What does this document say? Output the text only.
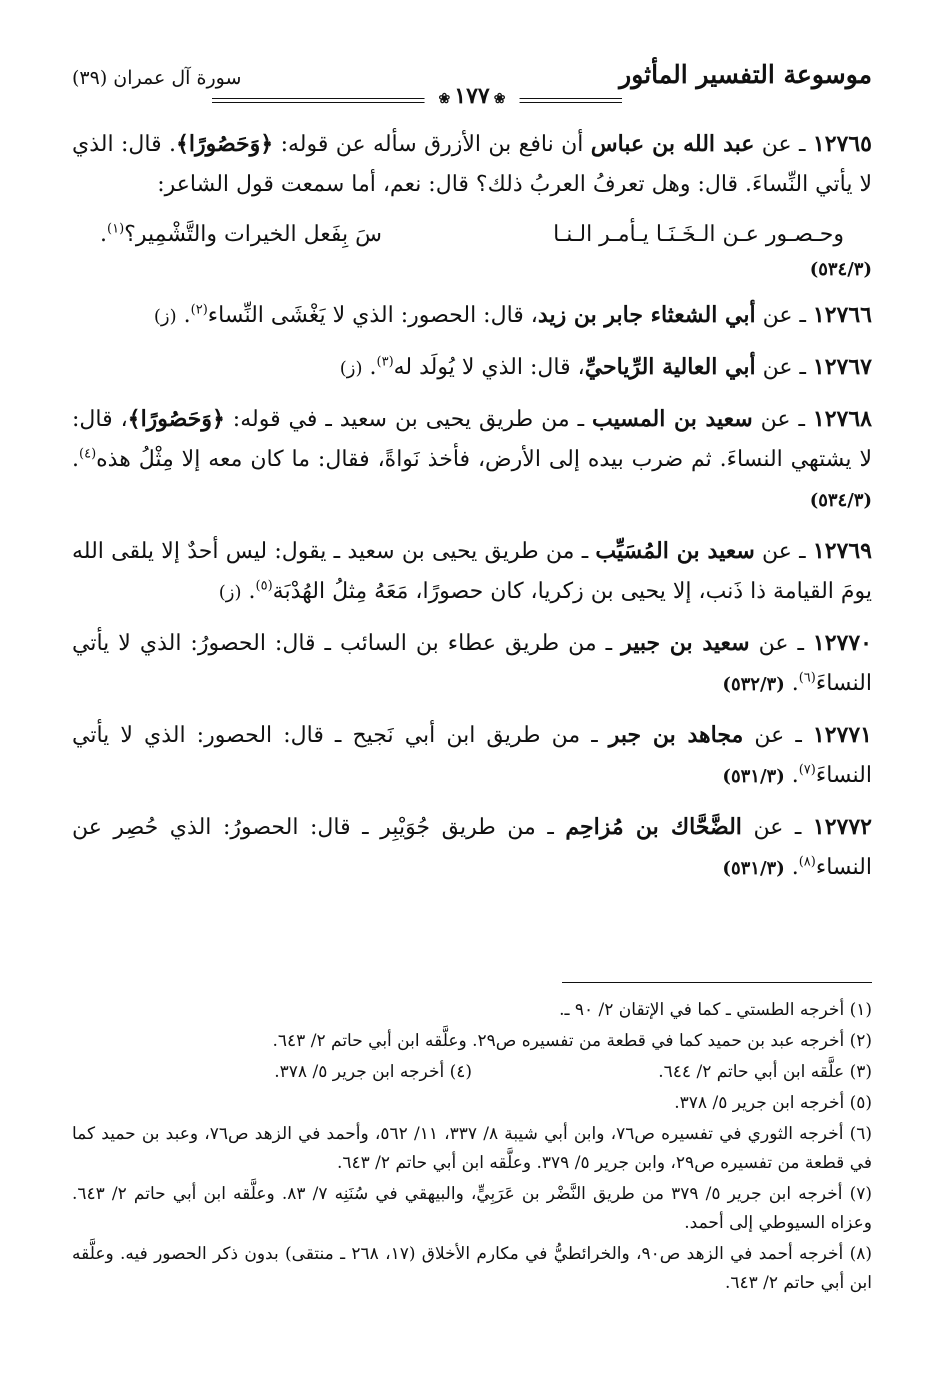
موسوعة التفسير المأثور
❀١٧٧❀
سورة آل عمران (٣٩)

١٢٧٦٥ ـ عن عبد الله بن عباس أن نافع بن الأزرق سأله عن قوله: ﴿وَحَصُورًا﴾. قال: الذي لا يأتي النِّساءَ. قال: وهل تعرفُ العربُ ذلك؟ قال: نعم، أما سمعت قول الشاعر:

وحـصـور عـن الـخَـنَـا يـأمـر الـنـا
سَ بِفَعل الخيرات والتَّشْمِير؟$^{(١)}$.
(٥٣٤/٣)

١٢٧٦٦ ـ عن أبي الشعثاء جابر بن زيد، قال: الحصور: الذي لا يَغْشَى النِّساء$^{(٢)}$. (ز)

١٢٧٦٧ ـ عن أبي العالية الرِّياحيِّ، قال: الذي لا يُولَد له$^{(٣)}$. (ز)

١٢٧٦٨ ـ عن سعيد بن المسيب ـ من طريق يحيى بن سعيد ـ في قوله: ﴿وَحَصُورًا﴾، قال: لا يشتهي النساءَ. ثم ضرب بيده إلى الأرض، فأخذ نَواةً، فقال: ما كان معه إلا مِثْلُ هذه$^{(٤)}$. (٥٣٤/٣)

١٢٧٦٩ ـ عن سعيد بن المُسَيِّب ـ من طريق يحيى بن سعيد ـ يقول: ليس أحدٌ إلا يلقى الله يومَ القيامة ذا ذَنب، إلا يحيى بن زكريا، كان حصورًا، مَعَهُ مِثلُ الهُدْبَة$^{(٥)}$. (ز)

١٢٧٧٠ ـ عن سعيد بن جبير ـ من طريق عطاء بن السائب ـ قال: الحصورُ: الذي لا يأتي النساءَ$^{(٦)}$. (٥٣٢/٣)

١٢٧٧١ ـ عن مجاهد بن جبر ـ من طريق ابن أبي نَجيح ـ قال: الحصور: الذي لا يأتي النساءَ$^{(٧)}$. (٥٣١/٣)

١٢٧٧٢ ـ عن الضَّحَّاك بن مُزاحِم ـ من طريق جُوَيْبِر ـ قال: الحصورُ: الذي حُصِر عن النساء$^{(٨)}$. (٥٣١/٣)

(١) أخرجه الطستي ـ كما في الإتقان ٢/ ٩٠ ـ.

(٢) أخرجه عبد بن حميد كما في قطعة من تفسيره ص٢٩. وعلَّقه ابن أبي حاتم ٢/ ٦٤٣.

(٣) علَّقه ابن أبي حاتم ٢/ ٦٤٤.

(٤) أخرجه ابن جرير ٥/ ٣٧٨.

(٥) أخرجه ابن جرير ٥/ ٣٧٨.

(٦) أخرجه الثوري في تفسيره ص٧٦، وابن أبي شيبة ٨/ ٣٣٧، ١١/ ٥٦٢، وأحمد في الزهد ص٧٦، وعبد بن حميد كما في قطعة من تفسيره ص٢٩، وابن جرير ٥/ ٣٧٩. وعلَّقه ابن أبي حاتم ٢/ ٦٤٣.

(٧) أخرجه ابن جرير ٥/ ٣٧٩ من طريق النَّضْر بن عَرَبِيٍّ، والبيهقي في سُنَنِه ٧/ ٨٣. وعلَّقه ابن أبي حاتم ٢/ ٦٤٣. وعزاه السيوطي إلى أحمد.

(٨) أخرجه أحمد في الزهد ص٩٠، والخرائطيُّ في مكارم الأخلاق (١٧، ٢٦٨ ـ منتقى) بدون ذكر الحصور فيه. وعلَّقه ابن أبي حاتم ٢/ ٦٤٣.
